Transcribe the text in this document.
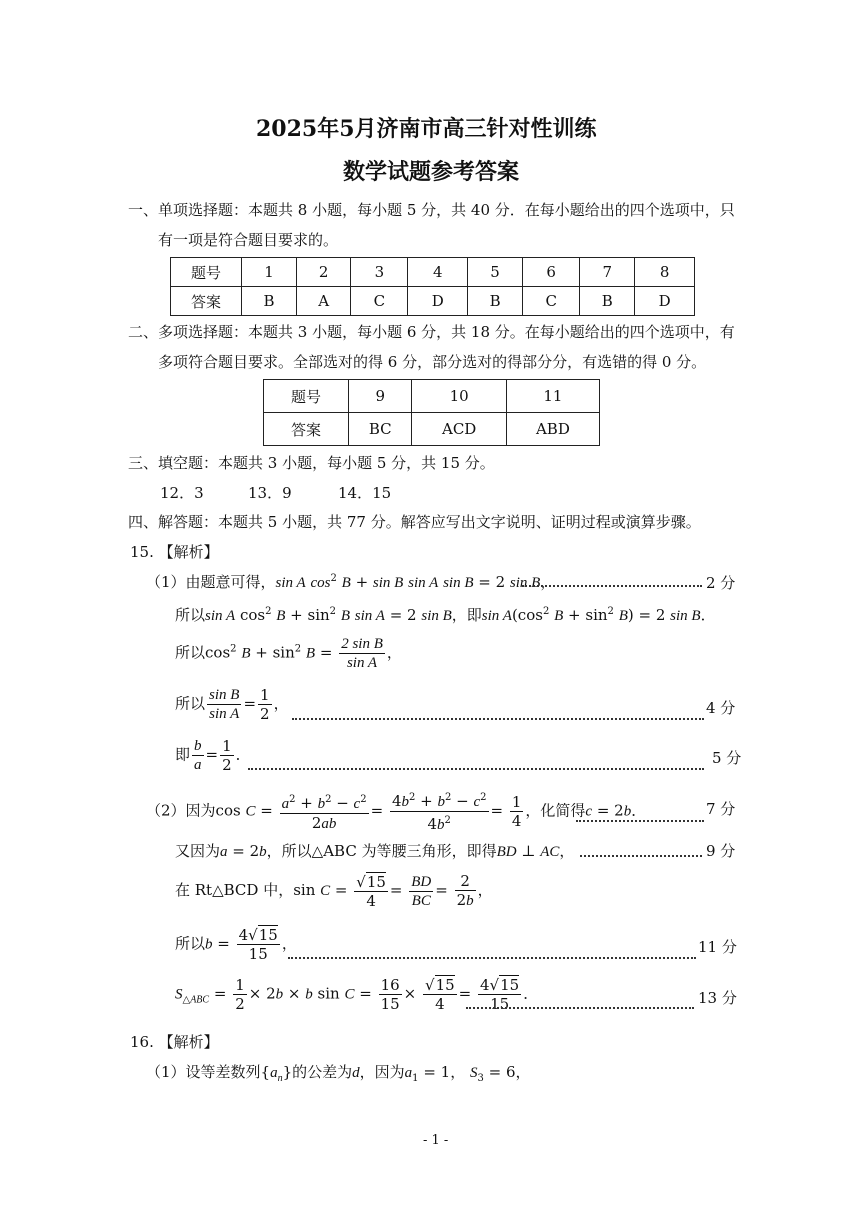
2025年5月济南市高三针对性训练
数学试题参考答案
一、单项选择题：本题共 8 小题，每小题 5 分，共 40 分．在每小题给出的四个选项中，只
有一项是符合题目要求的。
题号	1	2	3	4	5	6	7	8
答案	B	A	C	D	B	C	B	D
二、多项选择题：本题共 3 小题，每小题 6 分，共 18 分。在每小题给出的四个选项中，有
多项符合题目要求。全部选对的得 6 分，部分选对的得部分分，有选错的得 0 分。
题号	9	10	11
答案	BC	ACD	ABD
三、填空题：本题共 3 小题，每小题 5 分，共 15 分。
12．3	13．9	14．15
四、解答题：本题共 5 小题，共 77 分。解答应写出文字说明、证明过程或演算步骤。
15. 【解析】
（1）由题意可得，sin A $\cos^2 B + \sin B$ sin A sin B = 2 sin B，	2 分
所以sin A $\cos^2 B + \sin^2 B$ sin A = 2 sin B，即$\sin A(\cos^2$ $B + \sin^2 B) = 2$ sin B．
所以$\cos^2 B + \sin^2 B = \frac{\text{2 sin B}}{\text{sin A}}$ ，
所以 $\frac{\text{sin B}}{\text{sin A}} = \frac{1}{2}$ ，	4 分
即 $\frac{b}{a} = \frac{1}{2}$ ．	5 分
（2）因为$\cos C = \frac{a^2 + b^2 - c^2}{2ab} = \frac{4b^2 + b^2 - c^2}{4b^2} = \frac{1}{4}$ ，化简得c = 2b．	7 分
又因为a = 2b，所以△ABC 为等腰三角形，即得BD ⊥ AC，	9 分
在 Rt△BCD 中，$\sin C = \frac{√15}{4} = \frac{BD}{BC} = \frac{2}{2b}$ ，
所以$b = \frac{4√15}{15}$ ，	11 分
$S_{\triangle ABC} = \frac{1}{2} \times 2b \times b$ $\sin C = \frac{16}{15} \times \frac{√15}{4} = \frac{4√15}{15}$ ．	13 分
16. 【解析】
（1）设等差数列$\{a_n\}$的公差为d，因为$a_1 = 1$， $S_3 = 6$，
- 1 -
